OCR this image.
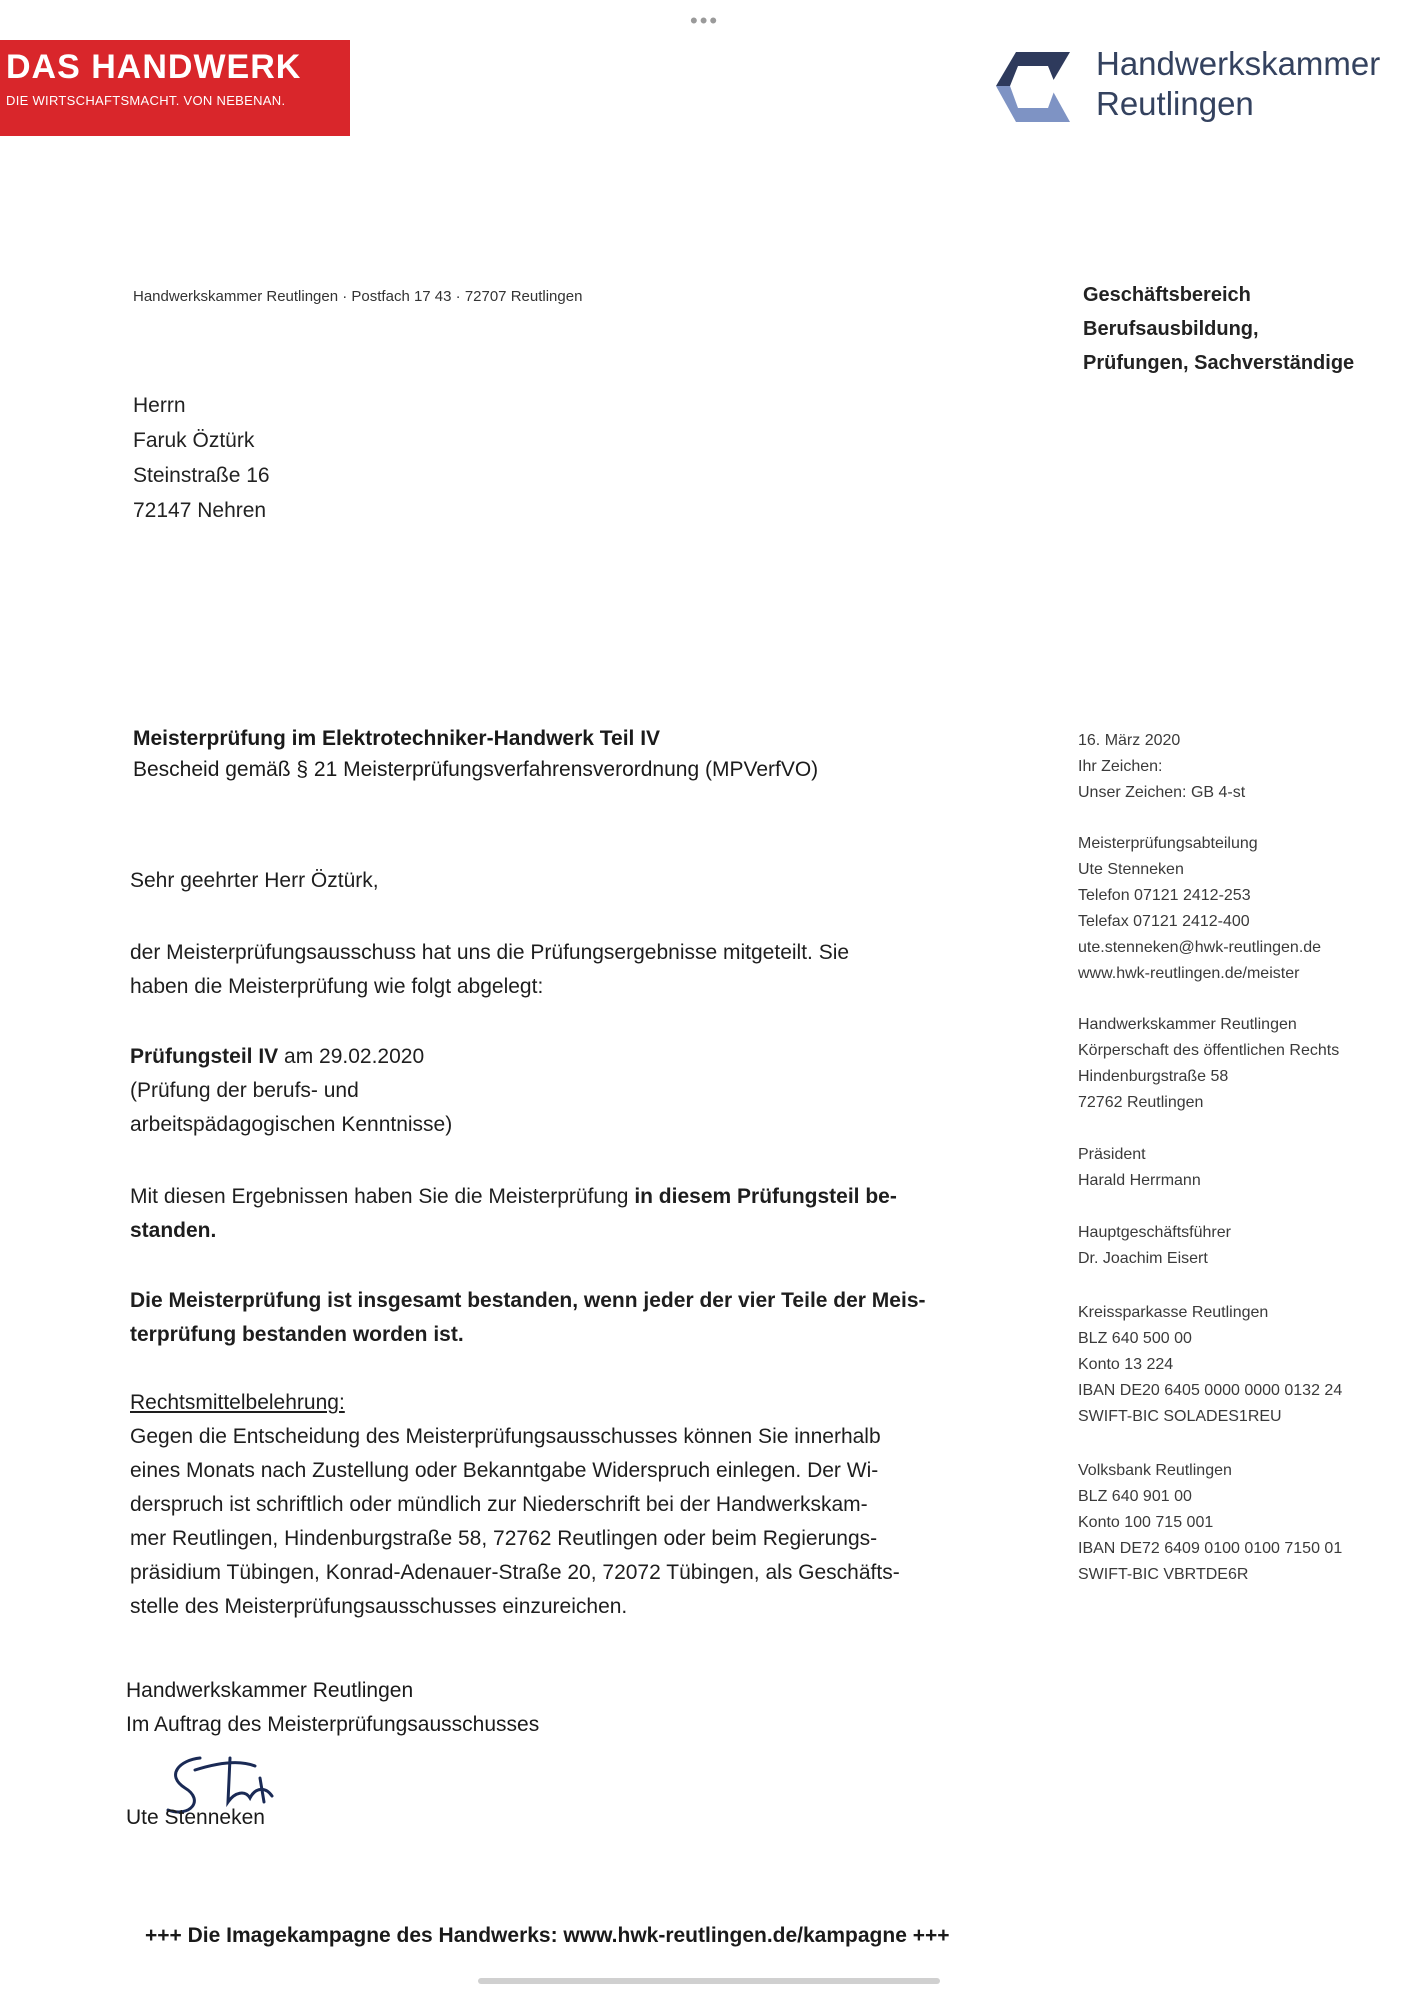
•••
DAS HANDWERK
DIE WIRTSCHAFTSMACHT. VON NEBENAN.
Handwerkskammer
Reutlingen
Handwerkskammer Reutlingen · Postfach 17 43 · 72707 Reutlingen	Geschäftsbereich
Berufsausbildung,
Prüfungen, Sachverständige
Herrn
Faruk Öztürk
Steinstraße 16
72147 Nehren
Meisterprüfung im Elektrotechniker-Handwerk Teil IV
Bescheid gemäß § 21 Meisterprüfungsverfahrensverordnung (MPVerfVO)
16. März 2020
Ihr Zeichen:
Unser Zeichen: GB 4-st
Meisterprüfungsabteilung
Ute Stenneken
Telefon 07121 2412-253
Telefax 07121 2412-400
ute.stenneken@hwk-reutlingen.de
www.hwk-reutlingen.de/meister
Handwerkskammer Reutlingen
Körperschaft des öffentlichen Rechts
Hindenburgstraße 58
72762 Reutlingen
Präsident
Harald Herrmann
Hauptgeschäftsführer
Dr. Joachim Eisert
Kreissparkasse Reutlingen
BLZ 640 500 00
Konto 13 224
IBAN DE20 6405 0000 0000 0132 24
SWIFT-BIC SOLADES1REU
Volksbank Reutlingen
BLZ 640 901 00
Konto 100 715 001
IBAN DE72 6409 0100 0100 7150 01
SWIFT-BIC VBRTDE6R
Sehr geehrter Herr Öztürk,
der Meisterprüfungsausschuss hat uns die Prüfungsergebnisse mitgeteilt. Sie
haben die Meisterprüfung wie folgt abgelegt:
Prüfungsteil IV am 29.02.2020
(Prüfung der berufs- und
arbeitspädagogischen Kenntnisse)
Mit diesen Ergebnissen haben Sie die Meisterprüfung in diesem Prüfungsteil be-
standen.
Die Meisterprüfung ist insgesamt bestanden, wenn jeder der vier Teile der Meis-
terprüfung bestanden worden ist.
Rechtsmittelbelehrung:
Gegen die Entscheidung des Meisterprüfungsausschusses können Sie innerhalb
eines Monats nach Zustellung oder Bekanntgabe Widerspruch einlegen. Der Wi-
derspruch ist schriftlich oder mündlich zur Niederschrift bei der Handwerkskam-
mer Reutlingen, Hindenburgstraße 58, 72762 Reutlingen oder beim Regierungs-
präsidium Tübingen, Konrad-Adenauer-Straße 20, 72072 Tübingen, als Geschäfts-
stelle des Meisterprüfungsausschusses einzureichen.
Handwerkskammer Reutlingen
Im Auftrag des Meisterprüfungsausschusses
Ute Stenneken
+++ Die Imagekampagne des Handwerks: www.hwk-reutlingen.de/kampagne +++
